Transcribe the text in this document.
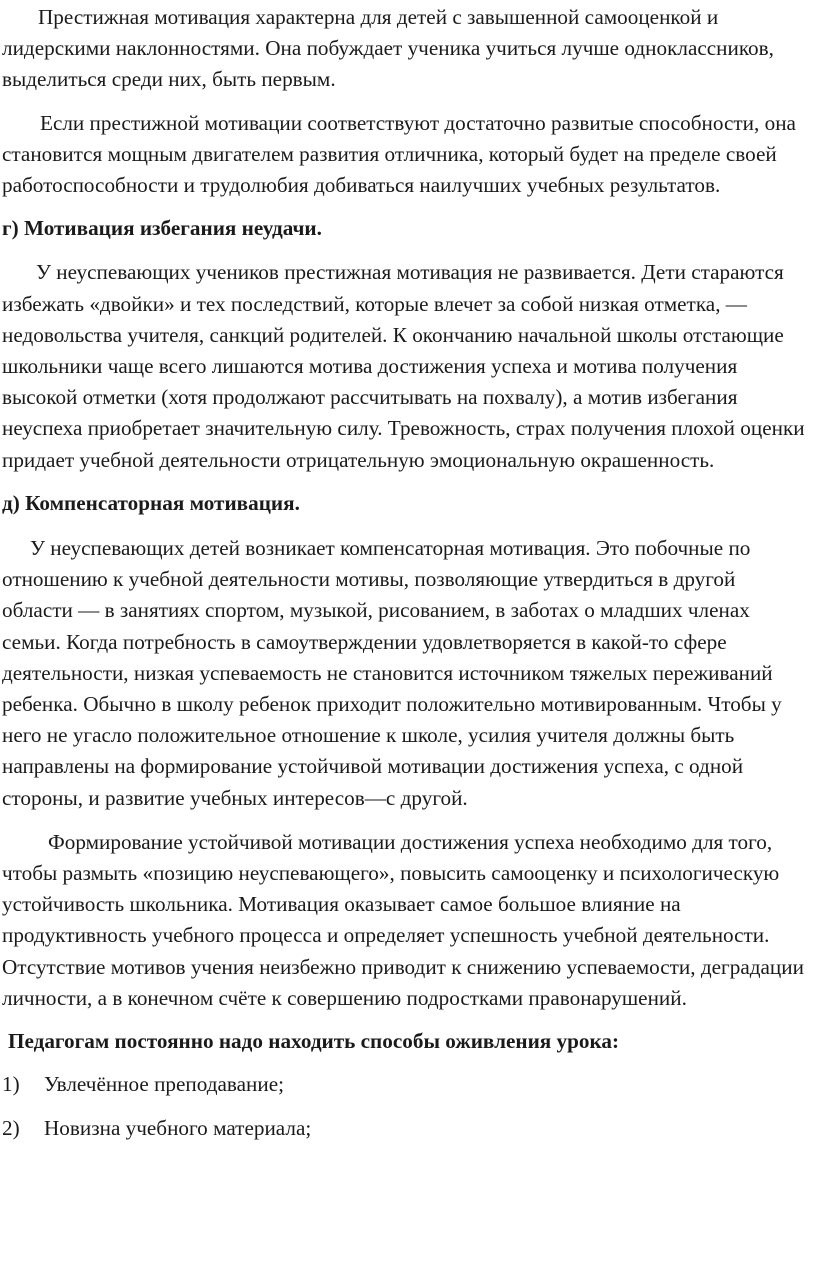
Престижная мотивация характерна для детей с завышенной самооценкой и лидерскими наклонностями. Она побуждает ученика учиться лучше одноклассников, выделиться среди них, быть первым.

Если престижной мотивации соответствуют достаточно развитые способности, она становится мощным двигателем развития отличника, который будет на пределе своей работоспособности и трудолюбия добиваться наилучших учебных результатов.

г) Мотивация избегания неудачи.

У неуспевающих учеников престижная мотивация не развивается. Дети стараются избежать «двойки» и тех последствий, которые влечет за собой низкая отметка, — недовольства учителя, санкций родителей. К окончанию начальной школы отстающие школьники чаще всего лишаются мотива достижения успеха и мотива получения высокой отметки (хотя продолжают рассчитывать на похвалу), а мотив избегания неуспеха приобретает значительную силу. Тревожность, страх получения плохой оценки придает учебной деятельности отрицательную эмоциональную окрашенность.

д) Компенсаторная мотивация.

У неуспевающих детей возникает компенсаторная мотивация. Это побочные по отношению к учебной деятельности мотивы, позволяющие утвердиться в другой области — в занятиях спортом, музыкой, рисованием, в заботах о младших членах семьи. Когда потребность в самоутверждении удовлетворяется в какой-то сфере деятельности, низкая успеваемость не становится источником тяжелых переживаний ребенка. Обычно в школу ребенок приходит положительно мотивированным. Чтобы у него не угасло положительное отношение к школе, усилия учителя должны быть направлены на формирование устойчивой мотивации достижения успеха, с одной стороны, и развитие учебных интересов—с другой.

Формирование устойчивой мотивации достижения успеха необходимо для того, чтобы размыть «позицию неуспевающего», повысить самооценку и психологическую устойчивость школьника. Мотивация оказывает самое большое влияние на продуктивность учебного процесса и определяет успешность учебной деятельности. Отсутствие мотивов учения неизбежно приводит к снижению успеваемости, деградации личности, а в конечном счёте к совершению подростками правонарушений.

Педагогам постоянно надо находить способы оживления урока:

1)	Увлечённое преподавание;
2)	Новизна учебного материала;
